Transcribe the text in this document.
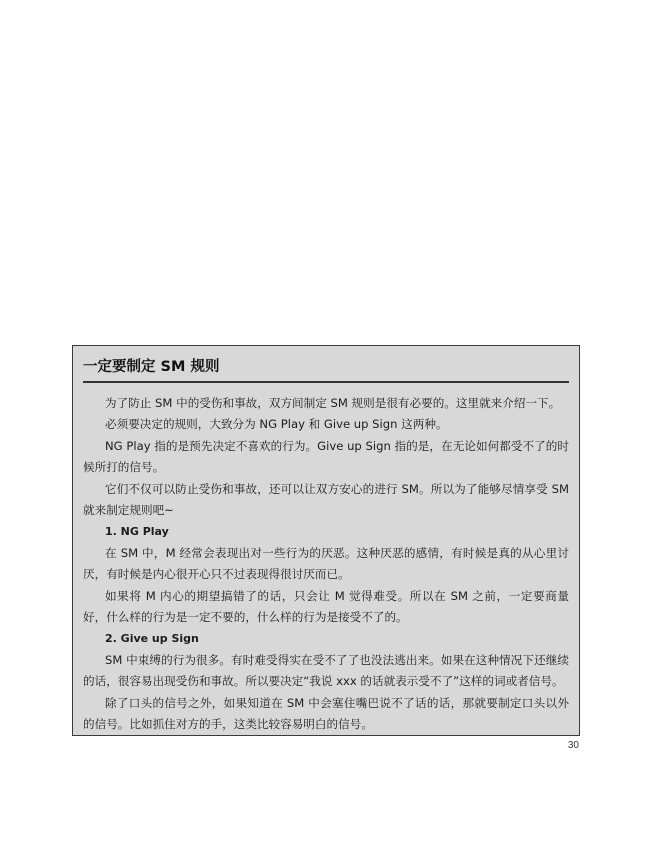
一定要制定 SM 规则

为了防止 SM 中的受伤和事故，双方间制定 SM 规则是很有必要的。这里就来介绍一下。

必须要决定的规则，大致分为 NG Play 和 Give up Sign 这两种。

NG Play 指的是预先决定不喜欢的行为。Give up Sign 指的是，在无论如何都受不了的时候所打的信号。

它们不仅可以防止受伤和事故，还可以让双方安心的进行 SM。所以为了能够尽情享受 SM 就来制定规则吧~

1. NG Play

在 SM 中，M 经常会表现出对一些行为的厌恶。这种厌恶的感情，有时候是真的从心里讨厌，有时候是内心很开心只不过表现得很讨厌而已。

如果将 M 内心的期望搞错了的话，只会让 M 觉得难受。所以在 SM 之前，一定要商量好，什么样的行为是一定不要的，什么样的行为是接受不了的。

2. Give up Sign

SM 中束缚的行为很多。有时难受得实在受不了了也没法逃出来。如果在这种情况下还继续的话，很容易出现受伤和事故。所以要决定“我说 xxx 的话就表示受不了”这样的词或者信号。

除了口头的信号之外，如果知道在 SM 中会塞住嘴巴说不了话的话，那就要制定口头以外的信号。比如抓住对方的手，这类比较容易明白的信号。

30
